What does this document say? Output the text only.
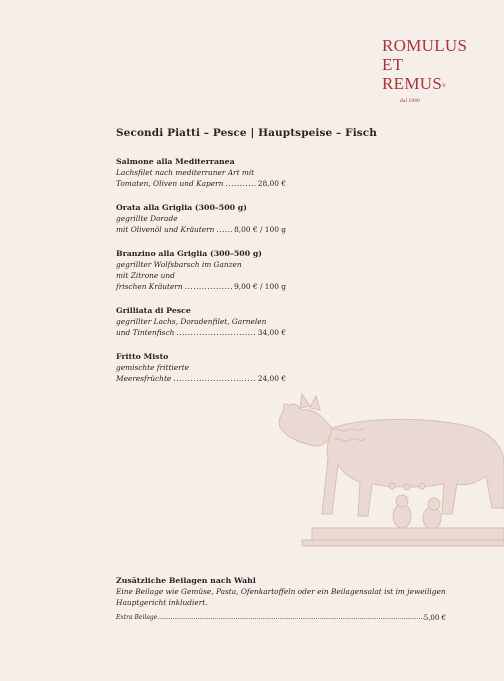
ROMULUS
ET
REMUS®
dal 1980
Secondi Piatti – Pesce | Hauptspeise – Fisch
Salmone alla Mediterranea
Lachsfilet nach mediterraner Art mit
Tomaten, Oliven und Kapern .....	28,00 €
Orata alla Griglia (300–500 g)
gegrillte Dorade
mit Olivenöl und Kräutern .....	8,00 € / 100 g
Branzino alla Griglia (300–500 g)
gegrillter Wolfsbarsch im Ganzen
mit Zitrone und
frischen Kräutern .....	9,00 € / 100 g
Grilliata di Pesce
gegrillter Lachs, Doradenfilet, Garnelen
und Tintenfisch .....	34,00 €
Fritto Misto
gemischte frittierte
Meeresfrüchte .....	24,00 €
Zusätzliche Beilagen nach Wahl
Eine Beilage wie Gemüse, Pasta, Ofenkartoffeln oder ein Beilagensalat ist im jeweiligen Hauptgericht inkludiert.
Extra Beilage .....	5,00 €
